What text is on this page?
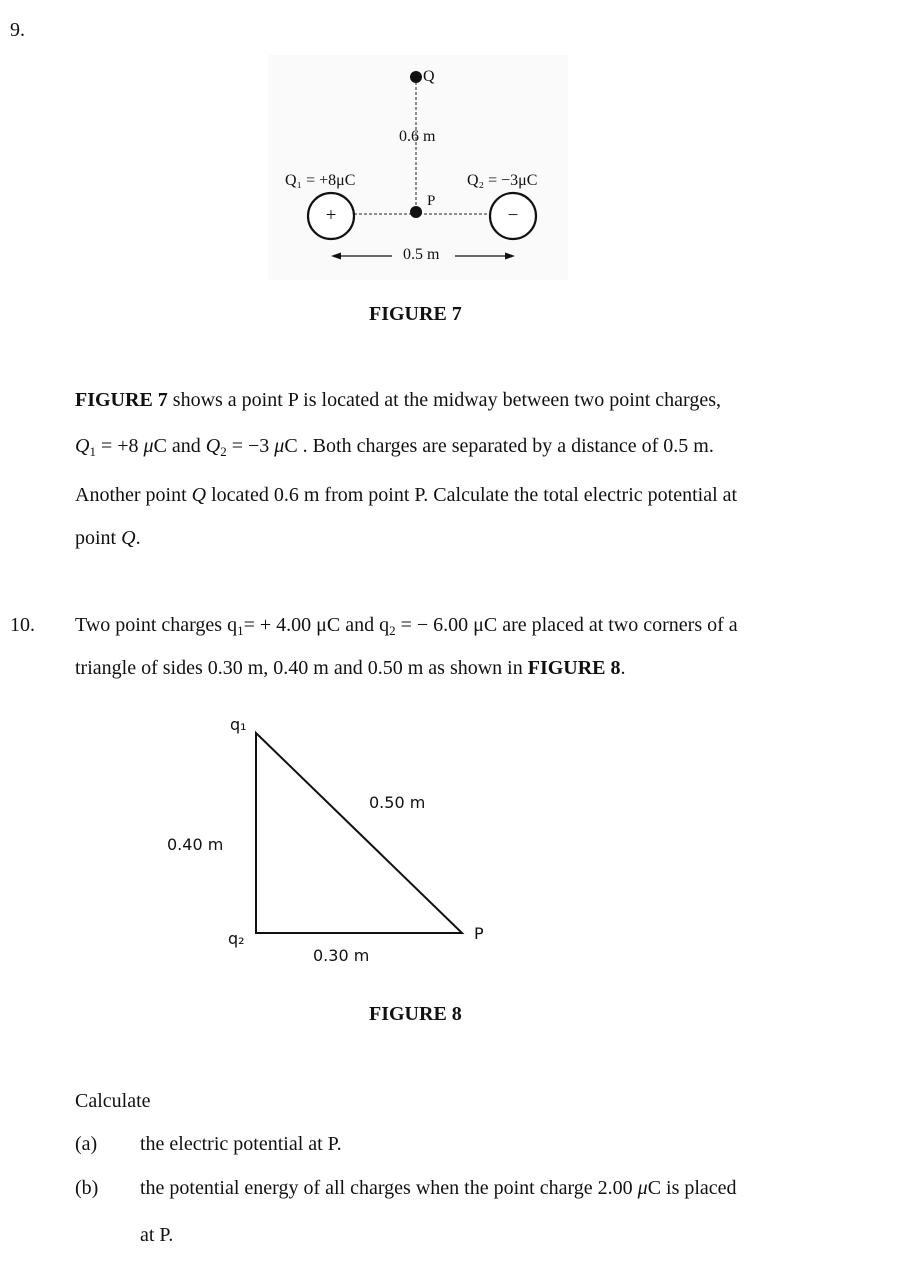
9.
Q
0.6 m
Q₁ = +8μC	Q₂ = −3μC
P
+	−
0.5 m
FIGURE 7
FIGURE 7 shows a point P is located at the midway between two point charges,
$Q_1 = +8$ μC and $Q_2 = -3$ μC . Both charges are separated by a distance of 0.5 m.
Another point Q located 0.6 m from point P. Calculate the total electric potential at
point Q.
10. Two point charges $q_1= + 4.00$ μC and $q_2$ = − 6.00 μC are placed at two corners of a
triangle of sides 0.30 m, 0.40 m and 0.50 m as shown in FIGURE 8.
q₁
q₂	P
0.40 m
0.50 m
0.30 m
FIGURE 8
Calculate
(a) the electric potential at P.
(b) the potential energy of all charges when the point charge 2.00 μC is placed
at P.
